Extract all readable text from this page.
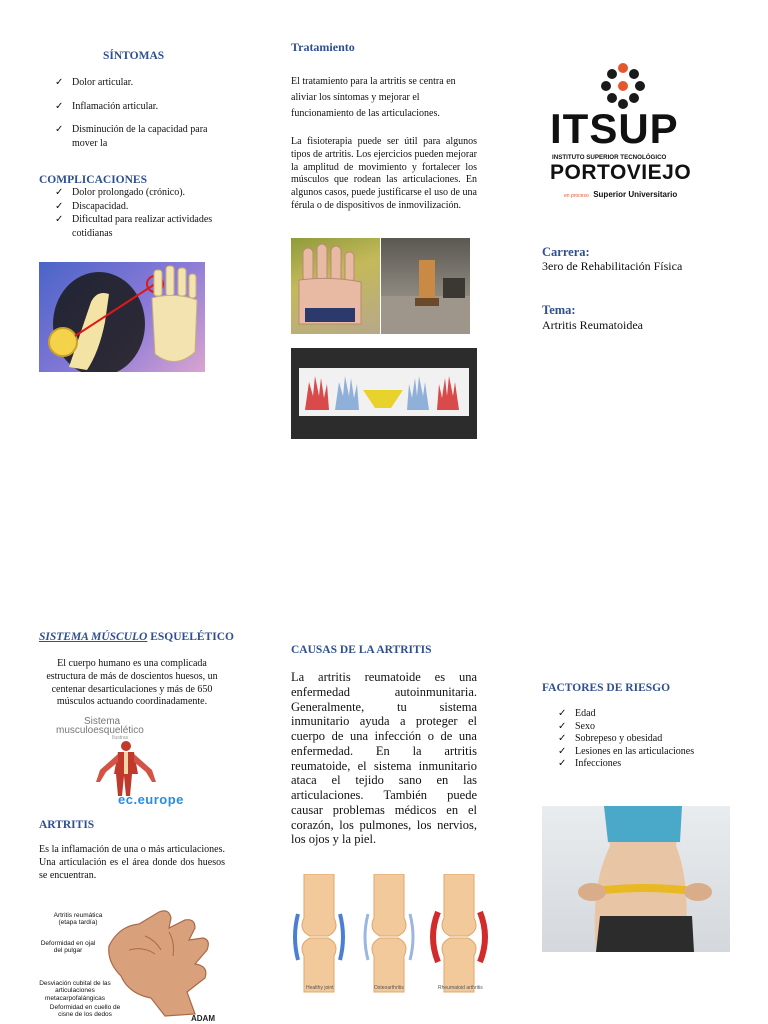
SÍNTOMAS
✓ Dolor articular.
✓ Inflamación articular.
✓ Disminución de la capacidad para mover la
COMPLICACIONES
✓ Dolor prolongado (crónico).
✓ Discapacidad.
✓ Dificultad para realizar actividades cotidianas
Tratamiento
El tratamiento para la artritis se centra en aliviar los síntomas y mejorar el funcionamiento de las articulaciones.
La fisioterapia puede ser útil para algunos tipos de artritis. Los ejercicios pueden mejorar la amplitud de movimiento y fortalecer los músculos que rodean las articulaciones. En algunos casos, puede justificarse el uso de una férula o de dispositivos de inmovilización.
ITSUP
INSTITUTO SUPERIOR TECNOLÓGICO
PORTOVIEJO
en proceso Superior Universitario
Carrera:
3ero de Rehabilitación Física
Tema:
Artritis Reumatoidea
SISTEMA MÚSCULO ESQUELÉTICO
El cuerpo humano es una complicada estructura de más de doscientos huesos, un centenar desarticulaciones y más de 650 músculos actuando coordinadamente.
Sistema
musculoesquelético
Ilustras
ec.europe
ARTRITIS
Es la inflamación de una o más articulaciones. Una articulación es el área donde dos huesos se encuentran.
Artritis reumática (etapa tardía)
Deformidad en ojal del pulgar
Desviación cubital de las articulaciones metacarpofalángicas
Deformidad en cuello de cisne de los dedos	ADAM
CAUSAS DE LA ARTRITIS
La artritis reumatoide es una enfermedad autoinmunitaria. Generalmente, tu sistema inmunitario ayuda a proteger el cuerpo de una infección o de una enfermedad. En la artritis reumatoide, el sistema inmunitario ataca el tejido sano en las articulaciones. También puede causar problemas médicos en el corazón, los pulmones, los nervios, los ojos y la piel.
Healthy joint	Osteoarthritis	Rheumatoid arthritis
FACTORES DE RIESGO
✓ Edad
✓ Sexo
✓ Sobrepeso y obesidad
✓ Lesiones en las articulaciones
✓ Infecciones
